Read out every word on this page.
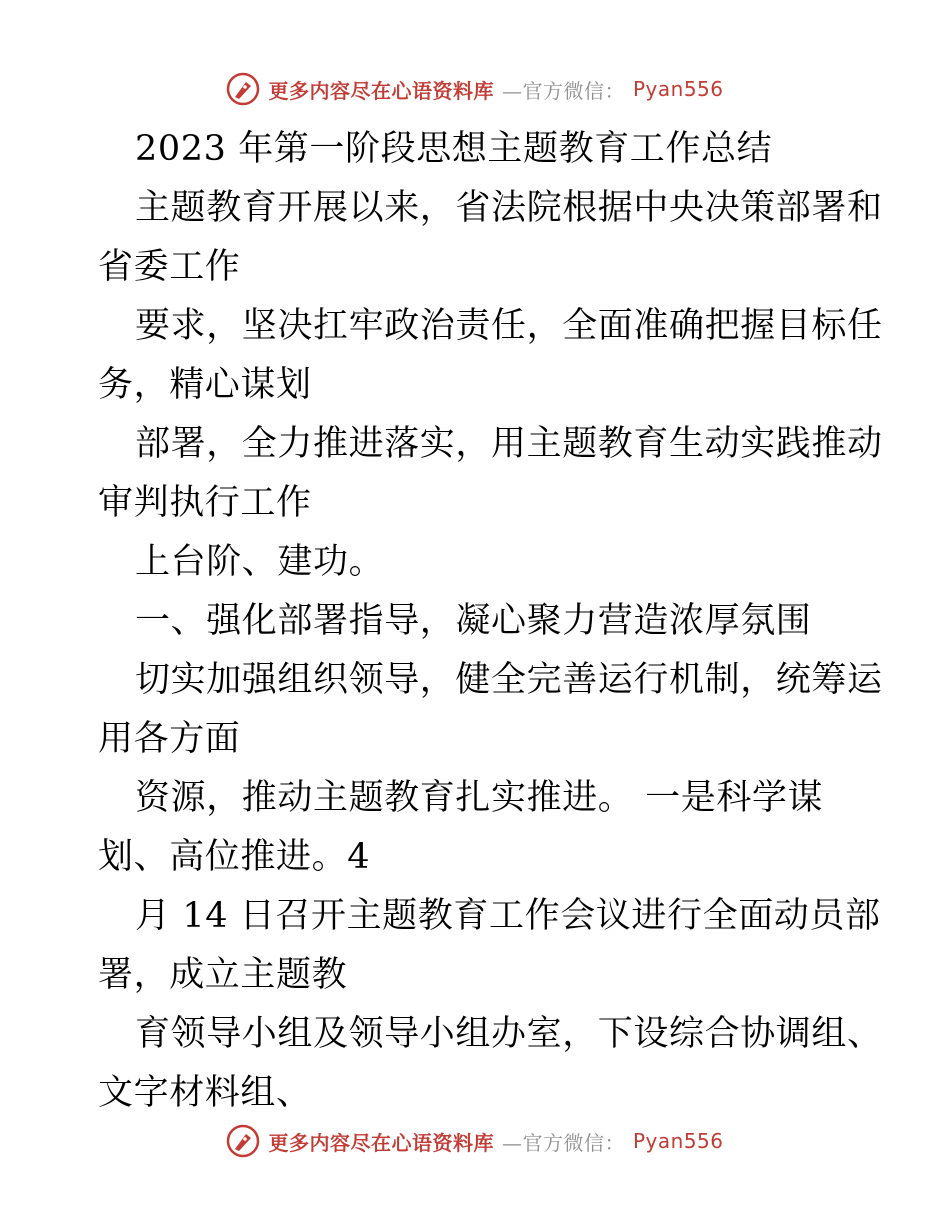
更多内容尽在心语资料库 —官方微信： Pyan556
2023 年第一阶段思想主题教育工作总结
主题教育开展以来，省法院根据中央决策部署和
省委工作
要求，坚决扛牢政治责任，全面准确把握目标任
务，精心谋划
部署，全力推进落实，用主题教育生动实践推动
审判执行工作
上台阶、建功。
一、强化部署指导，凝心聚力营造浓厚氛围
切实加强组织领导，健全完善运行机制，统筹运
用各方面
资源，推动主题教育扎实推进。 一是科学谋
划、高位推进。4
月 14 日召开主题教育工作会议进行全面动员部
署，成立主题教
育领导小组及领导小组办室，下设综合协调组、
文字材料组、
更多内容尽在心语资料库 —官方微信： Pyan556
